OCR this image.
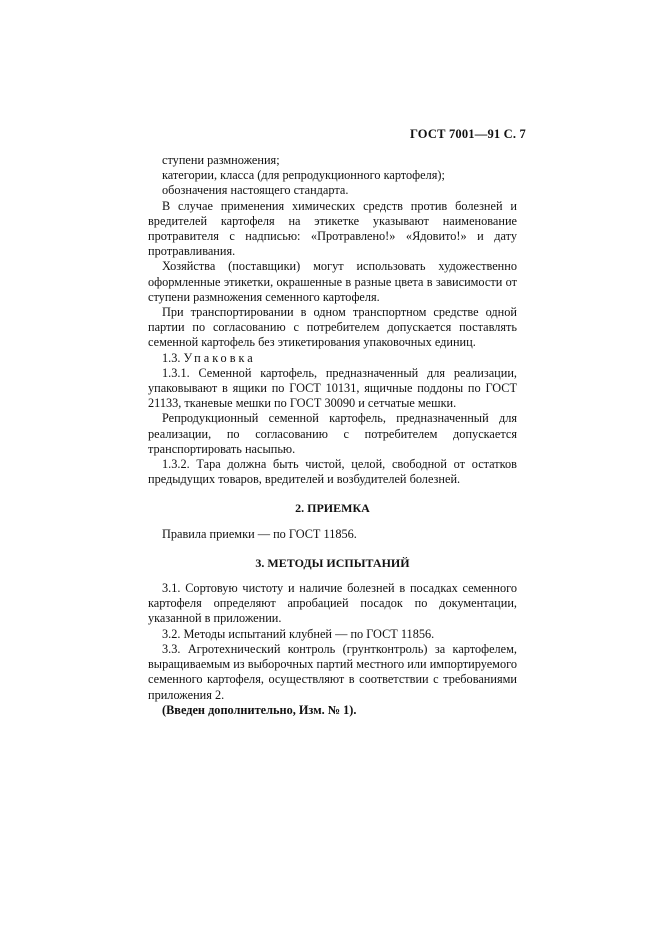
ГОСТ 7001—91 С. 7

ступени размножения;

категории, класса (для репродукционного картофеля);

обозначения настоящего стандарта.

В случае применения химических средств против болезней и вредителей картофеля на этикетке указывают наименование протравителя с надписью: «Протравлено!» «Ядовито!» и дату протравливания.

Хозяйства (поставщики) могут использовать художественно оформленные этикетки, окрашенные в разные цвета в зависимости от ступени размножения семенного картофеля.

При транспортировании в одном транспортном средстве одной партии по согласованию с потребителем допускается поставлять семенной картофель без этикетирования упаковочных единиц.

1.3. Упаковка

1.3.1. Семенной картофель, предназначенный для реализации, упаковывают в ящики по ГОСТ 10131, ящичные поддоны по ГОСТ 21133, тканевые мешки по ГОСТ 30090 и сетчатые мешки.

Репродукционный семенной картофель, предназначенный для реализации, по согласованию с потребителем допускается транспортировать насыпью.

1.3.2. Тара должна быть чистой, целой, свободной от остатков предыдущих товаров, вредителей и возбудителей болезней.

2. ПРИЕМКА

Правила приемки — по ГОСТ 11856.

3. МЕТОДЫ ИСПЫТАНИЙ

3.1. Сортовую чистоту и наличие болезней в посадках семенного картофеля определяют апробацией посадок по документации, указанной в приложении.

3.2. Методы испытаний клубней — по ГОСТ 11856.

3.3. Агротехнический контроль (грунтконтроль) за картофелем, выращиваемым из выборочных партий местного или импортируемого семенного картофеля, осуществляют в соответствии с требованиями приложения 2.

(Введен дополнительно, Изм. № 1).
